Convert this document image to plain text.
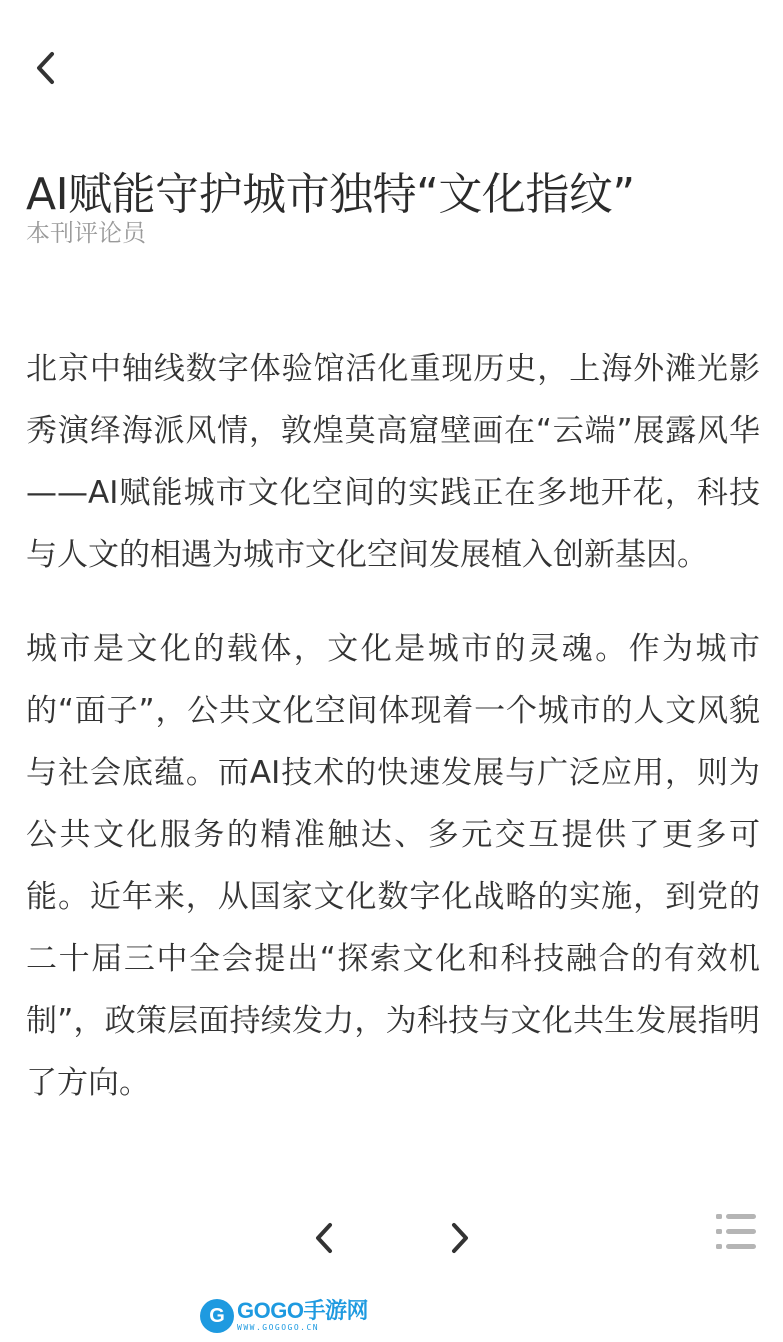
AI赋能守护城市独特“文化指纹”
本刊评论员

北京中轴线数字体验馆活化重现历史，上海外滩光影秀演绎海派风情，敦煌莫高窟壁画在“云端”展露风华——AI赋能城市文化空间的实践正在多地开花，科技与人文的相遇为城市文化空间发展植入创新基因。

城市是文化的载体，文化是城市的灵魂。作为城市的“面子”，公共文化空间体现着一个城市的人文风貌与社会底蕴。而AI技术的快速发展与广泛应用，则为公共文化服务的精准触达、多元交互提供了更多可能。近年来，从国家文化数字化战略的实施，到党的二十届三中全会提出“探索文化和科技融合的有效机制”，政策层面持续发力，为科技与文化共生发展指明了方向。

G GOGO手游网
WWW.GOGOGO.CN
